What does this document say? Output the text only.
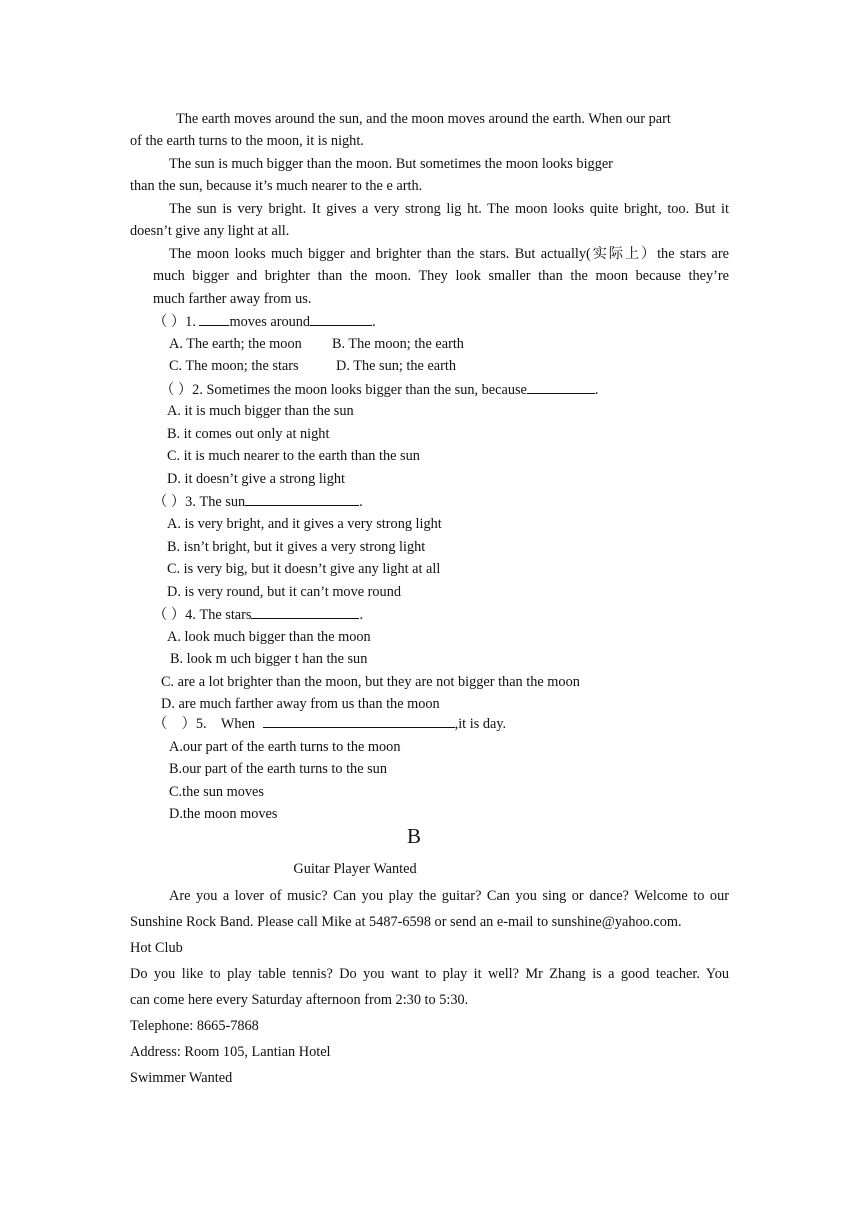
The earth moves around the sun, and the moon moves around the earth. When our part
of the earth turns to the moon, it is night.
The sun is much bigger than the moon. But sometimes the moon looks bigger
than the sun, because it’s much nearer to the e arth.
The sun is very bright. It gives a very strong lig ht. The moon looks quite bright, too. But it
doesn’t give any light at all.
The moon looks much bigger and brighter than the stars. But actually(实际上）the stars are
much bigger and brighter than the moon. They look smaller than the moon because they’re
much farther away from us.
（ ）1. moves around	.
A. The earth; the moon B. The moon; the earth
C. The moon; the stars	D. The sun; the earth
（ ）2. Sometimes the moon looks bigger than the sun, because	.
A. it is much bigger than the sun
B. it comes out only at night
C. it is much nearer to the earth than the sun
D. it doesn’t give a strong light
（ ）3. The sun	.
A. is very bright, and it gives a very strong light
B. isn’t bright, but it gives a very strong light
C. is very big, but it doesn’t give any light at all
D. is very round, but it can’t move round
（ ）4. The stars	.
A. look much bigger than the moon
B. look m uch bigger t han the sun
C. are a lot brighter than the moon, but they are not bigger than the moon
D. are much farther away from us than the moon
（    ）5.    When	,it is day.
A.our part of the earth turns to the moon
B.our part of the earth turns to the sun
C.the sun moves
D.the moon moves
B
Guitar Player Wanted
Are you a lover of music? Can you play the guitar? Can you sing or dance? Welcome to our
Sunshine Rock Band. Please call Mike at 5487-6598 or send an e-mail to sunshine@yahoo.com.
Hot Club
Do you like to play table tennis? Do you want to play it well? Mr Zhang is a good teacher. You
can come here every Saturday afternoon from 2:30 to 5:30.
Telephone: 8665-7868
Address: Room 105, Lantian Hotel
Swimmer Wanted
